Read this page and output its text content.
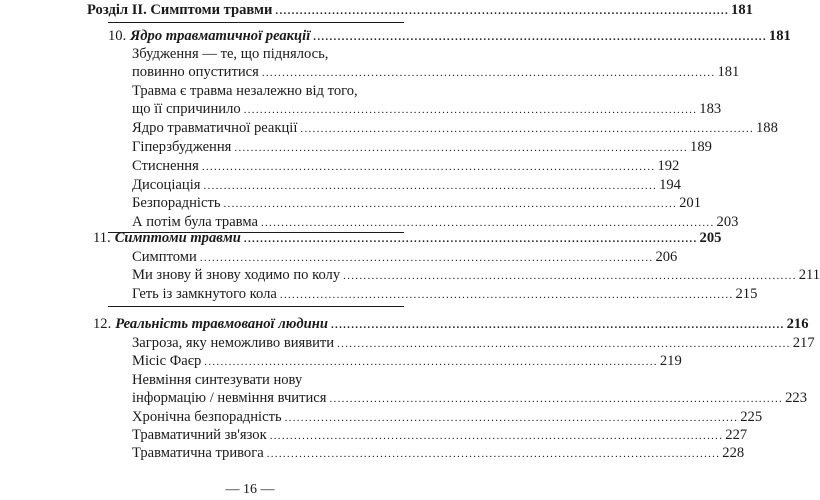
Розділ II. Симптоми травми ................................................................................................................ 181
10. Ядро травматичної реакції ................................................................................................................ 181
Збудження — те, що піднялось,
повинно опуститися ................................................................................................................ 181
Травма є травма незалежно від того,
що її спричинило ................................................................................................................ 183
Ядро травматичної реакції ................................................................................................................ 188
Гіперзбудження ................................................................................................................ 189
Стиснення ................................................................................................................ 192
Дисоціація ................................................................................................................ 194
Безпорадність ................................................................................................................ 201
А потім була травма ................................................................................................................ 203
11. Симптоми травми ................................................................................................................ 205
Симптоми ................................................................................................................ 206
Ми знову й знову ходимо по колу ................................................................................................................ 211
Геть із замкнутого кола ................................................................................................................ 215
12. Реальність травмованої людини ................................................................................................................ 216
Загроза, яку неможливо виявити ................................................................................................................ 217
Місіс Фаєр ................................................................................................................ 219
Невміння синтезувати нову
інформацію / невміння вчитися ................................................................................................................ 223
Хронічна безпорадність ................................................................................................................ 225
Травматичний зв'язок ................................................................................................................ 227
Травматична тривога ................................................................................................................ 228
— 16 —
